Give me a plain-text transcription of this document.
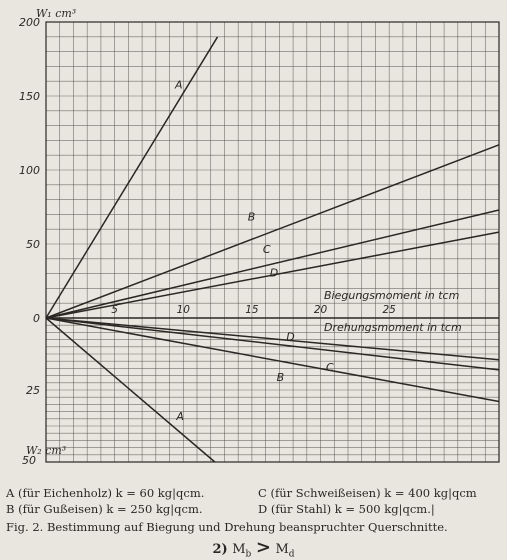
A
B
C
D
A
B
C
D
0
50
100
150
200
25
50
5	10	15	20	25
W₁ cm³
W₂ cm³
Biegungsmoment in tcm
Drehungsmoment in tcm
A (für Eichenholz) k = 60 kg|qcm.	C (für Schweißeisen) k = 400 kg|qcm
B (für Gußeisen) k = 250 kg|qcm.	D (für Stahl) k = 500 kg|qcm.|
Fig. 2. Bestimmung auf Biegung und Drehung beanspruchter Querschnitte.
2) $M_b > M_d$
